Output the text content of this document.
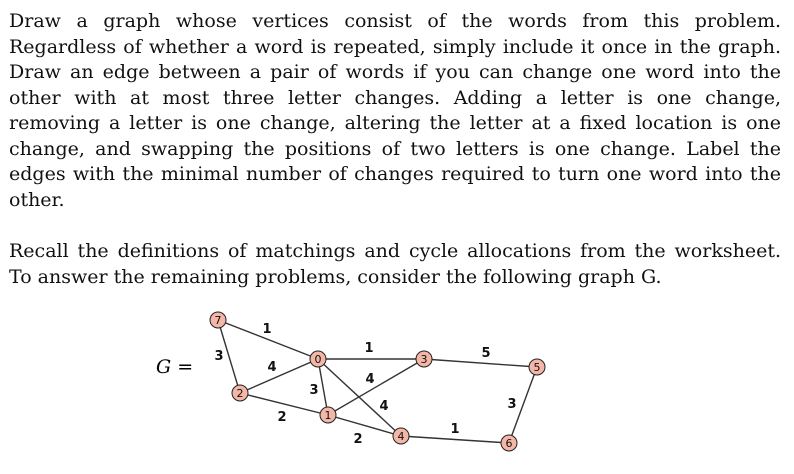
Draw a graph whose vertices consist of the words from this problem. Regardless of whether a word is repeated, simply include it once in the graph. Draw an edge between a pair of words if you can change one word into the other with at most three letter changes. Adding a letter is one change, removing a letter is one change, altering the letter at a fixed location is one change, and swapping the positions of two letters is one change. Label the edges with the minimal number of changes required to turn one word into the other.

Recall the definitions of matchings and cycle allocations from the worksheet. To answer the remaining problems, consider the following graph G.

G = 3
1
4
2
3
1
4
4
2
5
1
3
7
2
0
1
3
4
5
6
